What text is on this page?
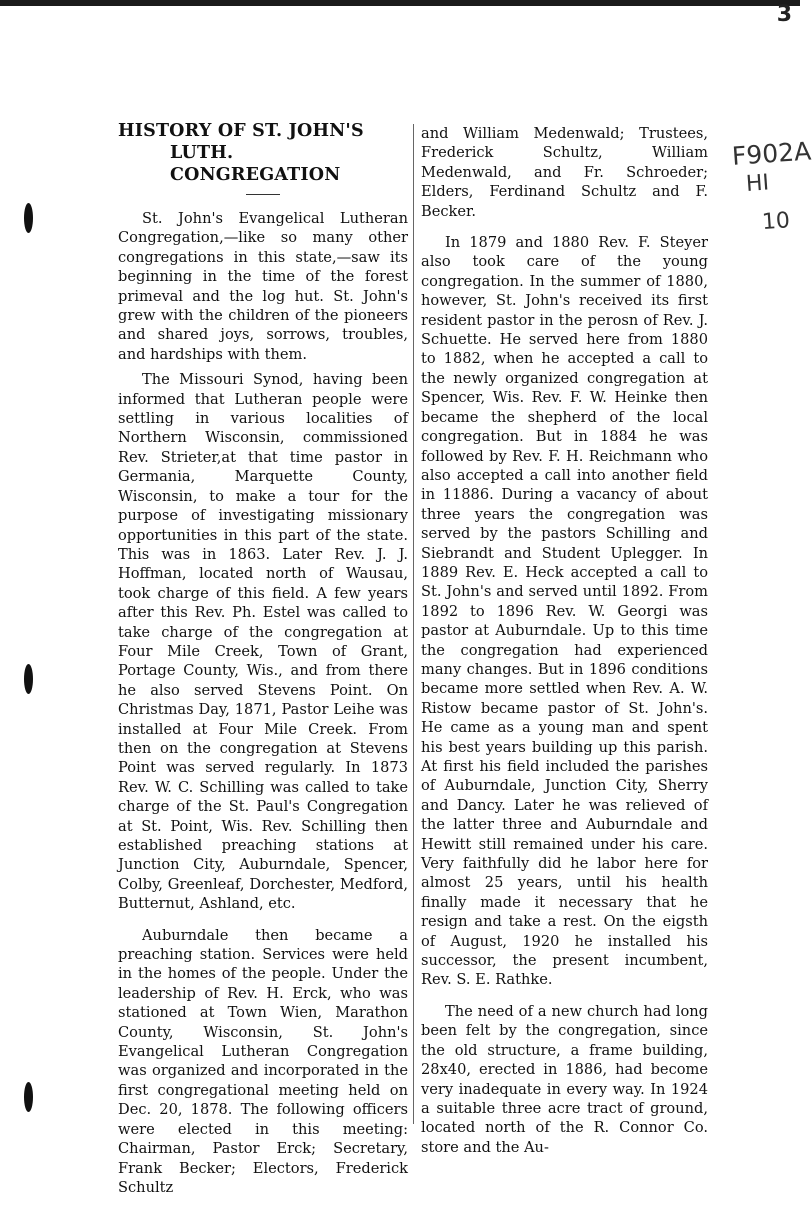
3

F902A

HI

10

HISTORY OF ST. JOHN'S
LUTH. CONGREGATION

St. John's Evangelical Lutheran Congregation,—like so many other congregations in this state,—saw its beginning in the time of the forest primeval and the log hut. St. John's grew with the children of the pioneers and shared joys, sorrows, troubles, and hardships with them.

The Missouri Synod, having been informed that Lutheran people were settling in various localities of Northern Wisconsin, commissioned Rev. Strieter,at that time pastor in Germania, Marquette County, Wisconsin, to make a tour for the purpose of investigating missionary opportunities in this part of the state. This was in 1863. Later Rev. J. J. Hoffman, located north of Wausau, took charge of this field. A few years after this Rev. Ph. Estel was called to take charge of the congregation at Four Mile Creek, Town of Grant, Portage County, Wis., and from there he also served Stevens Point. On Christmas Day, 1871, Pastor Leihe was installed at Four Mile Creek. From then on the congregation at Stevens Point was served regularly. In 1873 Rev. W. C. Schilling was called to take charge of the St. Paul's Congregation at St. Point, Wis. Rev. Schilling then established preaching stations at Junction City, Auburndale, Spencer, Colby, Greenleaf, Dorchester, Medford, Butternut, Ashland, etc.

Auburndale then became a preaching station. Services were held in the homes of the people. Under the leadership of Rev. H. Erck, who was stationed at Town Wien, Marathon County, Wisconsin, St. John's Evangelical Lutheran Congregation was organized and incorporated in the first congregational meeting held on Dec. 20, 1878. The following officers were elected in this meeting: Chairman, Pastor Erck; Secretary, Frank Becker; Electors, Frederick Schultz

and William Medenwald; Trustees, Frederick Schultz, William Medenwald, and Fr. Schroeder; Elders, Ferdinand Schultz and F. Becker.

In 1879 and 1880 Rev. F. Steyer also took care of the young congregation. In the summer of 1880, however, St. John's received its first resident pastor in the perosn of Rev. J. Schuette. He served here from 1880 to 1882, when he accepted a call to the newly organized congregation at Spencer, Wis. Rev. F. W. Heinke then became the shepherd of the local congregation. But in 1884 he was followed by Rev. F. H. Reichmann who also accepted a call into another field in 11886. During a vacancy of about three years the congregation was served by the pastors Schilling and Siebrandt and Student Uplegger. In 1889 Rev. E. Heck accepted a call to St. John's and served until 1892. From 1892 to 1896 Rev. W. Georgi was pastor at Auburndale. Up to this time the congregation had experienced many changes. But in 1896 conditions became more settled when Rev. A. W. Ristow became pastor of St. John's. He came as a young man and spent his best years building up this parish. At first his field included the parishes of Auburndale, Junction City, Sherry and Dancy. Later he was relieved of the latter three and Auburndale and Hewitt still remained under his care. Very faithfully did he labor here for almost 25 years, until his health finally made it necessary that he resign and take a rest. On the eigsth of August, 1920 he installed his successor, the present incumbent, Rev. S. E. Rathke.

The need of a new church had long been felt by the congregation, since the old structure, a frame building, 28x40, erected in 1886, had become very inadequate in every way. In 1924 a suitable three acre tract of ground, located north of the R. Connor Co. store and the Au-
